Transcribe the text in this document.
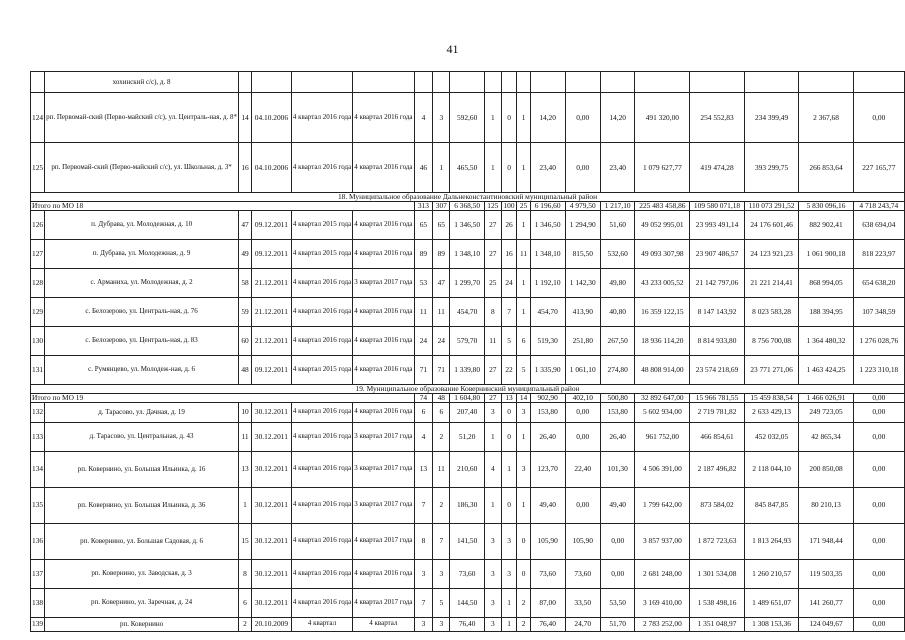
41
	хохинский с/с), д. 8																		
124	рп. Первомай-ский (Перво-майский с/с), ул. Централь-ная, д. 8*	14	04.10.2006	4 квартал 2016 года	4 квартал 2016 года	4	3	592,60	1	0	1	14,20	0,00	14,20	491 320,00	254 552,83	234 399,49	2 367,68	0,00
125	рп. Первомай-ский (Перво-майский с/с), ул. Школьная, д. 3*	16	04.10.2006	4 квартал 2016 года	4 квартал 2016 года	46	1	465,50	1	0	1	23,40	0,00	23,40	1 079 627,77	419 474,28	393 299,75	266 853,64	227 165,77
18. Муниципальное образование Дальнеконстантиновский муниципальный район																			
Итого по МО 18						313	307	6 368,50	125	100	25	6 196,60	4 979,50	1 217,10	225 483 458,86	109 580 071,18	110 073 291,52	5 830 096,16	4 718 243,74
126	п. Дубрава, ул. Молодежная, д. 10	47	09.12.2011	4 квартал 2015 года	4 квартал 2016 года	65	65	1 346,50	27	26	1	1 346,50	1 294,90	51,60	49 052 995,01	23 993 491,14	24 176 601,46	882 902,41	638 694,04
127	п. Дубрава, ул. Молодежная, д. 9	49	09.12.2011	4 квартал 2015 года	4 квартал 2016 года	89	89	1 348,10	27	16	11	1 348,10	815,50	532,60	49 093 307,98	23 907 486,57	24 123 921,23	1 061 900,18	818 223,97
128	с. Арманиха, ул. Молодежная, д. 2	58	21.12.2011	4 квартал 2016 года	3 квартал 2017 года	53	47	1 299,70	25	24	1	1 192,10	1 142,30	49,80	43 233 005,52	21 142 797,06	21 221 214,41	868 994,05	654 638,20
129	с. Белозерово, ул. Централь-ная, д. 76	59	21.12.2011	4 квартал 2016 года	4 квартал 2016 года	11	11	454,70	8	7	1	454,70	413,90	40,80	16 359 122,15	8 147 143,92	8 023 583,28	188 394,95	107 348,59
130	с. Белозерово, ул. Централь-ная, д. 83	60	21.12.2011	4 квартал 2016 года	4 квартал 2016 года	24	24	579,70	11	5	6	519,30	251,80	267,50	18 936 114,20	8 814 933,80	8 756 700,08	1 364 480,32	1 276 028,76
131	с. Румянцево, ул. Молодеж-ная, д. 6	48	09.12.2011	4 квартал 2015 года	4 квартал 2016 года	71	71	1 339,80	27	22	5	1 335,90	1 061,10	274,80	48 808 914,00	23 574 218,69	23 771 271,06	1 463 424,25	1 223 310,18
19. Муниципальное образование Ковернинский муниципальный район																			
Итого по МО 19						74	48	1 604,80	27	13	14	902,90	402,10	500,80	32 892 647,00	15 966 781,55	15 459 838,54	1 466 026,91	0,00
132	д. Тарасово, ул. Дачная, д. 19	10	30.12.2011	4 квартал 2016 года	4 квартал 2016 года	6	6	207,40	3	0	3	153,80	0,00	153,80	5 602 934,00	2 719 781,82	2 633 429,13	249 723,05	0,00
133	д. Тарасово, ул. Центральная, д. 43	11	30.12.2011	4 квартал 2016 года	3 квартал 2017 года	4	2	51,20	1	0	1	26,40	0,00	26,40	961 752,00	466 854,61	452 032,05	42 865,34	0,00
134	рп. Ковернино, ул. Большая Ильинка, д. 16	13	30.12.2011	4 квартал 2016 года	3 квартал 2017 года	13	11	210,60	4	1	3	123,70	22,40	101,30	4 506 391,00	2 187 496,82	2 118 044,10	200 850,08	0,00
135	рп. Ковернино, ул. Большая Ильинка, д. 36	1	30.12.2011	4 квартал 2016 года	3 квартал 2017 года	7	2	186,30	1	0	1	49,40	0,00	49,40	1 799 642,00	873 584,02	845 847,85	80 210,13	0,00
136	рп. Ковернино, ул. Большая Садовая, д. 6	15	30.12.2011	4 квартал 2016 года	4 квартал 2017 года	8	7	141,50	3	3	0	105,90	105,90	0,00	3 857 937,00	1 872 723,63	1 813 264,93	171 948,44	0,00
137	рп. Ковернино, ул. Заводская, д. 3	8	30.12.2011	4 квартал 2016 года	4 квартал 2016 года	3	3	73,60	3	3	0	73,60	73,60	0,00	2 681 248,00	1 301 534,08	1 260 210,57	119 503,35	0,00
138	рп. Ковернино, ул. Заречная, д. 24	6	30.12.2011	4 квартал 2016 года	4 квартал 2017 года	7	5	144,50	3	1	2	87,00	33,50	53,50	3 169 410,00	1 538 498,16	1 489 651,07	141 260,77	0,00
139	рп. Ковернино	2	20.10.2009	4 квартал	4 квартал	3	3	76,40	3	1	2	76,40	24,70	51,70	2 783 252,00	1 351 048,97	1 308 153,36	124 049,67	0,00
